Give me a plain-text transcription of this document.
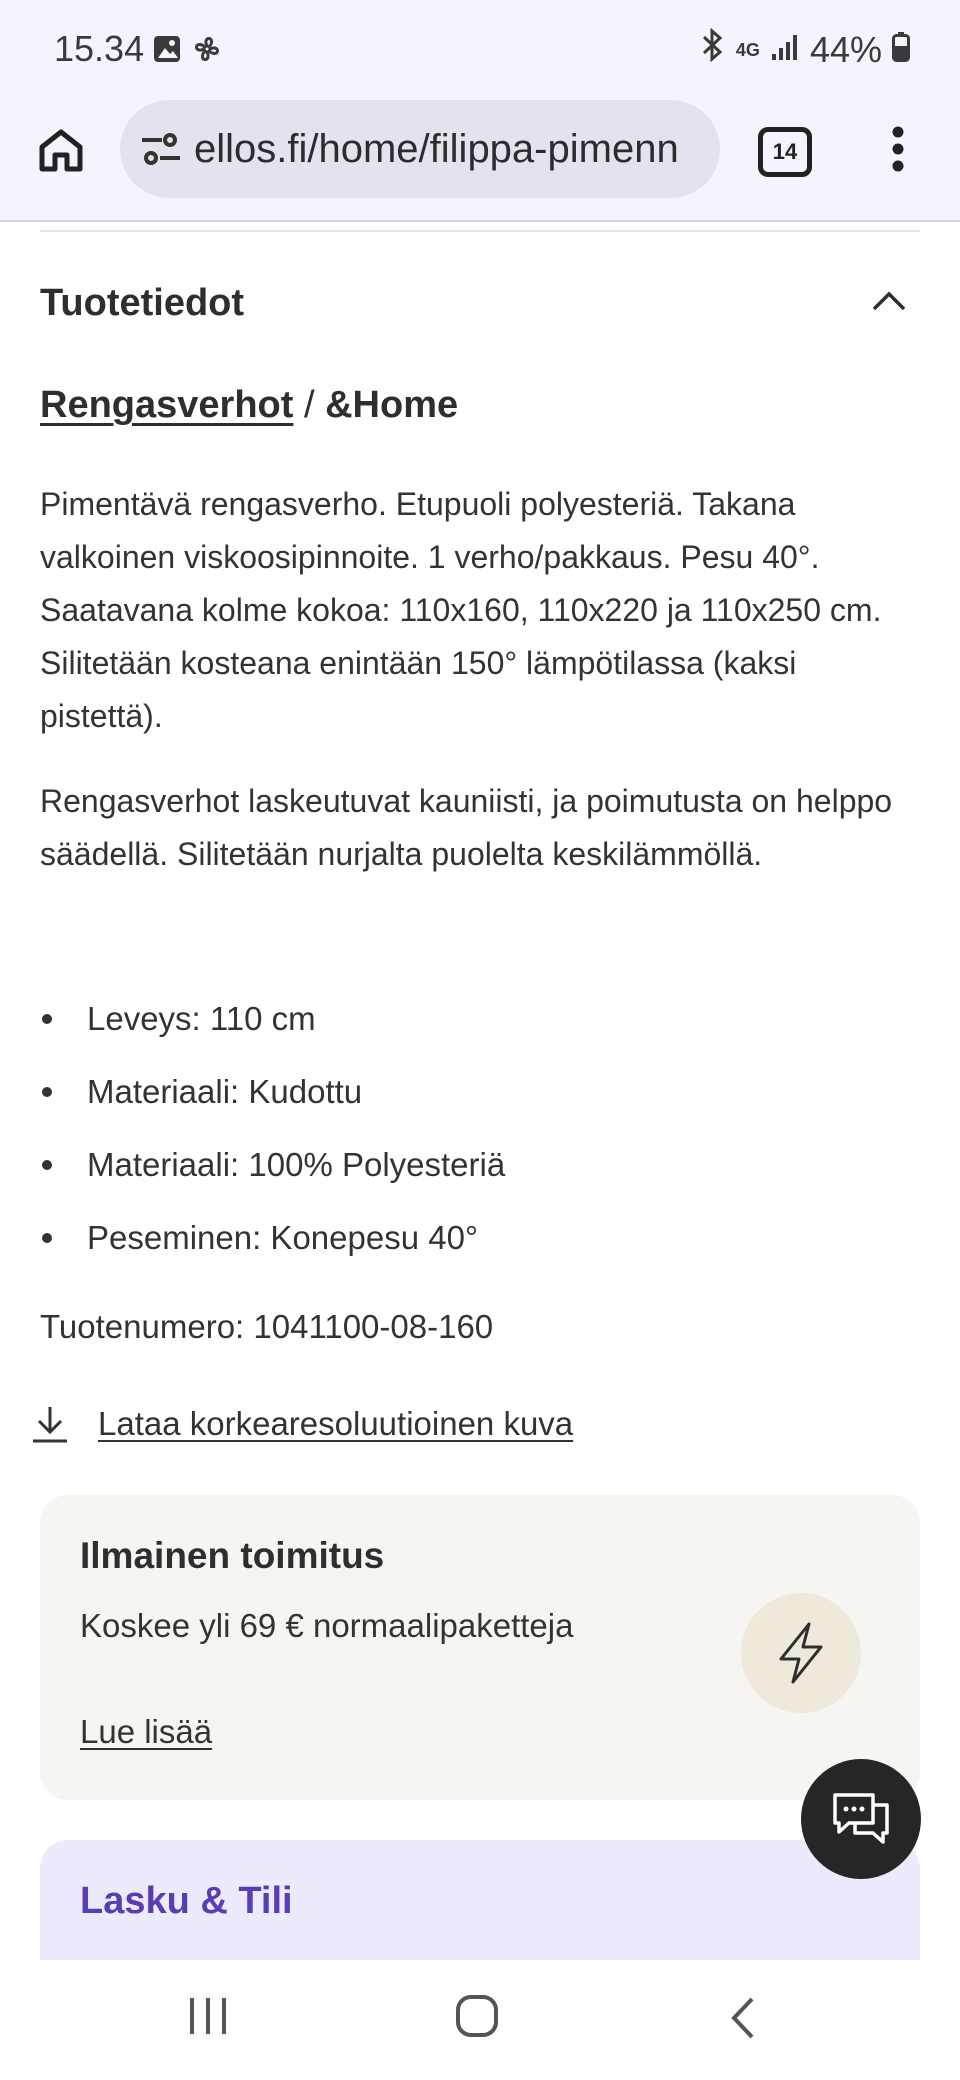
15.34	4G 44%
ellos.fi/home/filippa-pimenn	14
Tuotetiedot
Rengasverhot / &Home
Pimentävä rengasverho. Etupuoli polyesteriä. Takana valkoinen viskoosipinnoite. 1 verho/pakkaus. Pesu 40°. Saatavana kolme kokoa: 110x160, 110x220 ja 110x250 cm. Silitetään kosteana enintään 150° lämpötilassa (kaksi pistettä).
Rengasverhot laskeutuvat kauniisti, ja poimutusta on helppo säädellä. Silitetään nurjalta puolelta keskilämmöllä.
Leveys: 110 cm
Materiaali: Kudottu
Materiaali: 100% Polyesteriä
Peseminen: Konepesu 40°
Tuotenumero: 1041100-08-160
Lataa korkearesoluutioinen kuva
Ilmainen toimitus
Koskee yli 69 € normaalipaketteja
Lue lisää
Lasku & Tili
